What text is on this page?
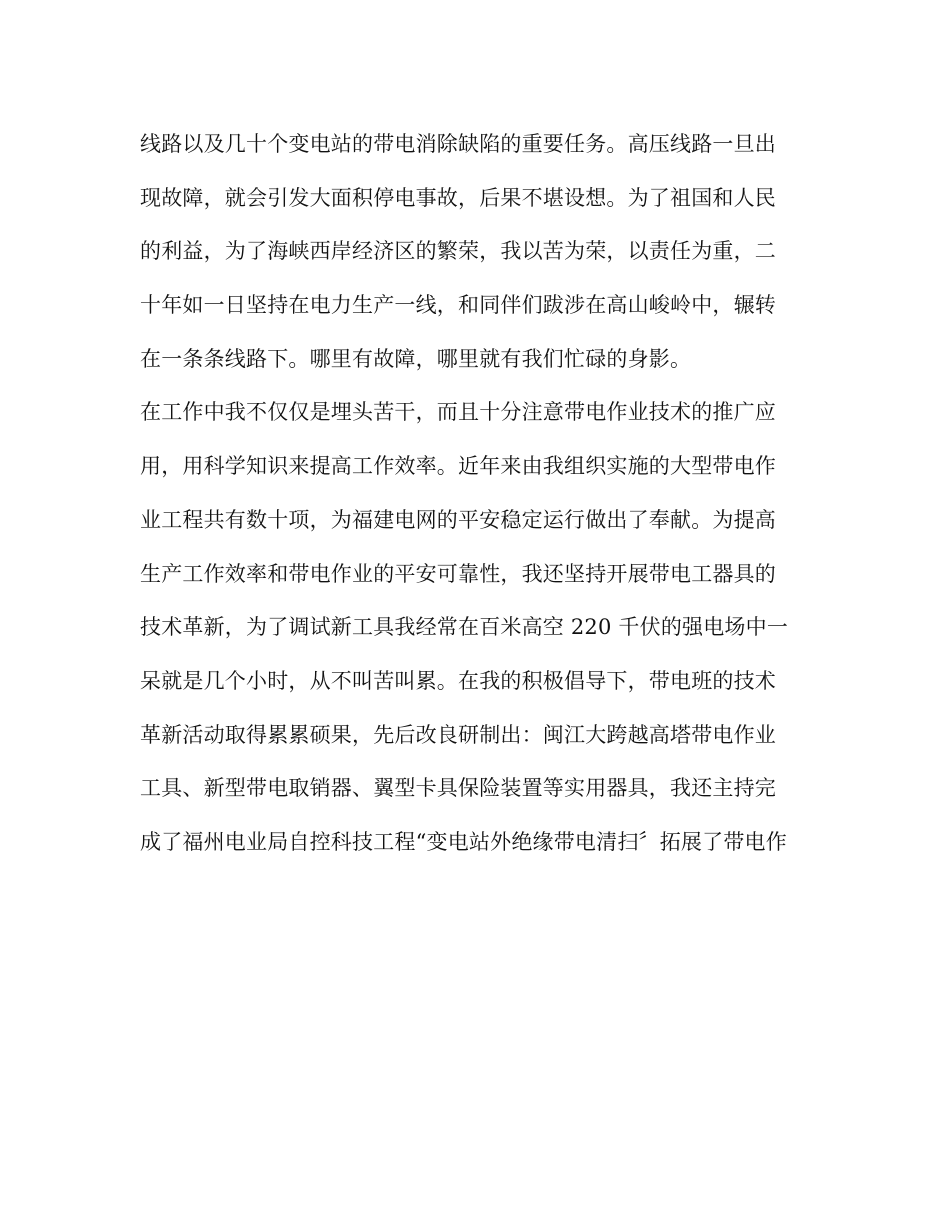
线路以及几十个变电站的带电消除缺陷的重要任务。高压线路一旦出
现故障，就会引发大面积停电事故，后果不堪设想。为了祖国和人民
的利益，为了海峡西岸经济区的繁荣，我以苦为荣，以责任为重，二
十年如一日坚持在电力生产一线，和同伴们跋涉在高山峻岭中，辗转
在一条条线路下。哪里有故障，哪里就有我们忙碌的身影。
在工作中我不仅仅是埋头苦干，而且十分注意带电作业技术的推广应
用，用科学知识来提高工作效率。近年来由我组织实施的大型带电作
业工程共有数十项，为福建电网的平安稳定运行做出了奉献。为提高
生产工作效率和带电作业的平安可靠性，我还坚持开展带电工器具的
技术革新，为了调试新工具我经常在百米高空 220 千伏的强电场中一
呆就是几个小时，从不叫苦叫累。在我的积极倡导下，带电班的技术
革新活动取得累累硕果，先后改良研制出：闽江大跨越高塔带电作业
工具、新型带电取销器、翼型卡具保险装置等实用器具，我还主持完
成了福州电业局自控科技工程“变电站外绝缘带电清扫〞拓展了带电作
